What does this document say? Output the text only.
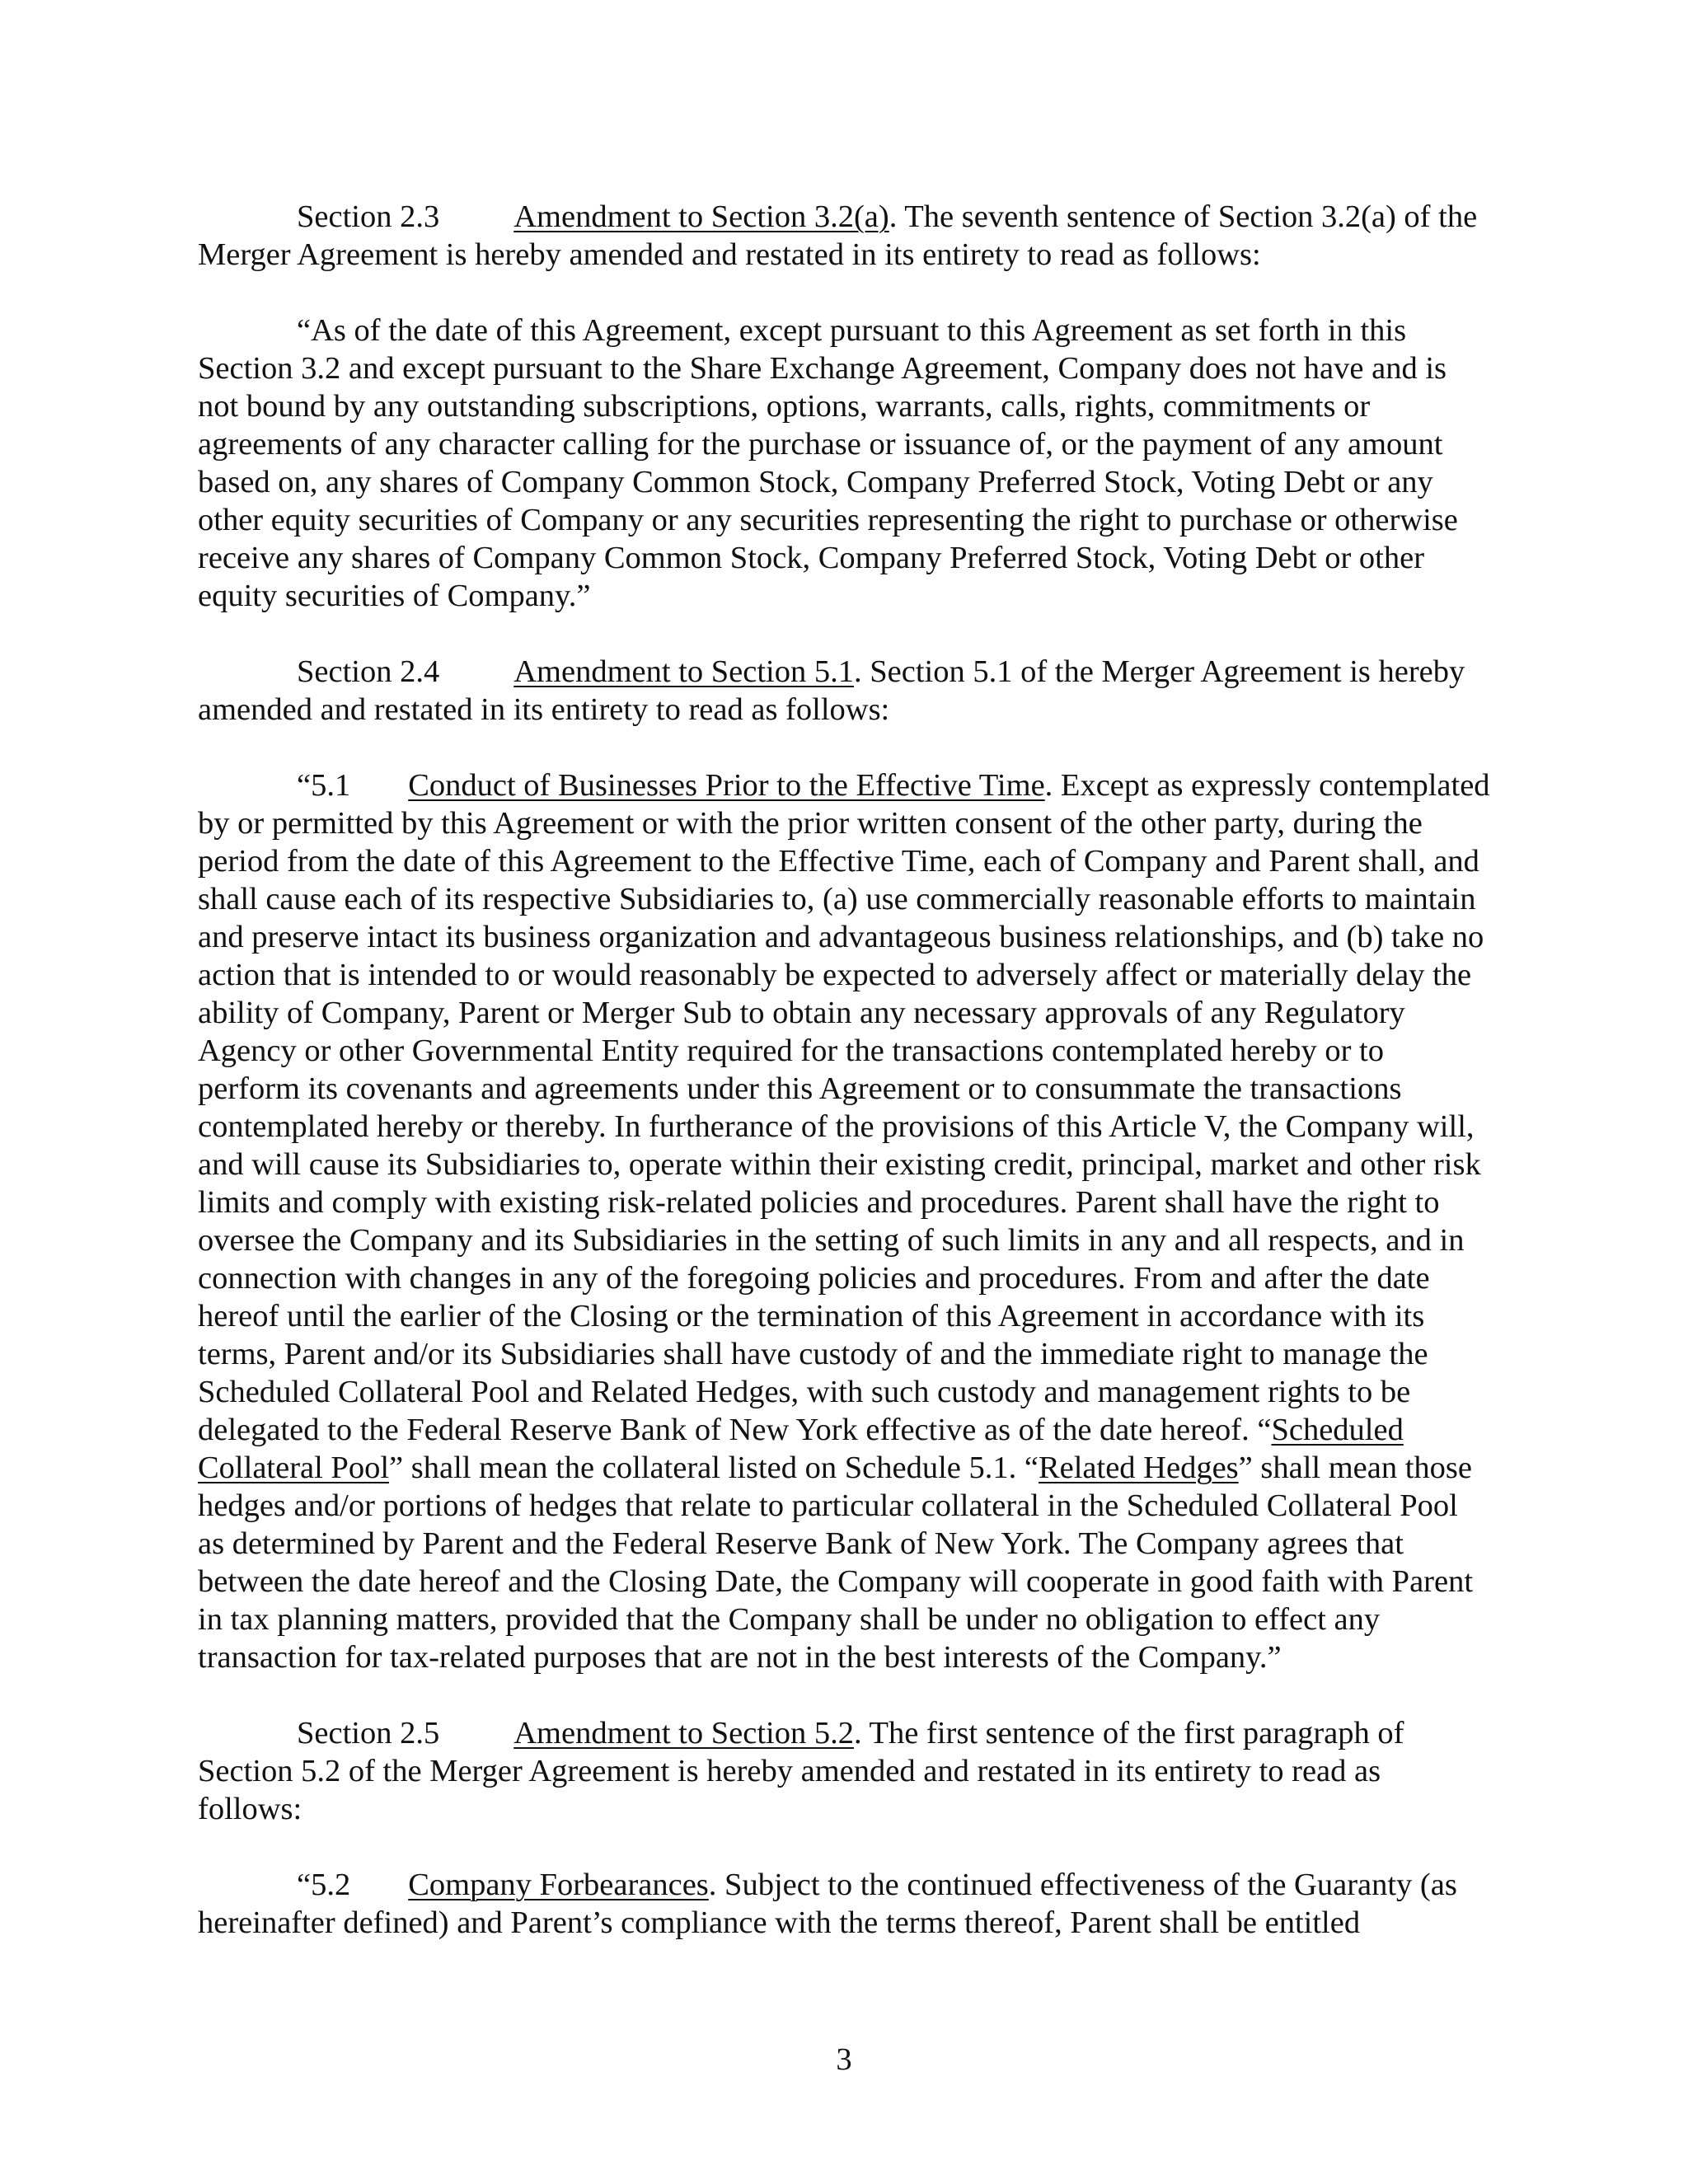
Section 2.3 Amendment to Section 3.2(a). The seventh sentence of Section 3.2(a) of the Merger Agreement is hereby amended and restated in its entirety to read as follows:

“As of the date of this Agreement, except pursuant to this Agreement as set forth in this Section 3.2 and except pursuant to the Share Exchange Agreement, Company does not have and is not bound by any outstanding subscriptions, options, warrants, calls, rights, commitments or agreements of any character calling for the purchase or issuance of, or the payment of any amount based on, any shares of Company Common Stock, Company Preferred Stock, Voting Debt or any other equity securities of Company or any securities representing the right to purchase or otherwise receive any shares of Company Common Stock, Company Preferred Stock, Voting Debt or other equity securities of Company.”

Section 2.4 Amendment to Section 5.1. Section 5.1 of the Merger Agreement is hereby amended and restated in its entirety to read as follows:

“5.1 Conduct of Businesses Prior to the Effective Time. Except as expressly contemplated by or permitted by this Agreement or with the prior written consent of the other party, during the period from the date of this Agreement to the Effective Time, each of Company and Parent shall, and shall cause each of its respective Subsidiaries to, (a) use commercially reasonable efforts to maintain and preserve intact its business organization and advantageous business relationships, and (b) take no action that is intended to or would reasonably be expected to adversely affect or materially delay the ability of Company, Parent or Merger Sub to obtain any necessary approvals of any Regulatory Agency or other Governmental Entity required for the transactions contemplated hereby or to perform its covenants and agreements under this Agreement or to consummate the transactions contemplated hereby or thereby. In furtherance of the provisions of this Article V, the Company will, and will cause its Subsidiaries to, operate within their existing credit, principal, market and other risk limits and comply with existing risk-related policies and procedures. Parent shall have the right to oversee the Company and its Subsidiaries in the setting of such limits in any and all respects, and in connection with changes in any of the foregoing policies and procedures. From and after the date hereof until the earlier of the Closing or the termination of this Agreement in accordance with its terms, Parent and/or its Subsidiaries shall have custody of and the immediate right to manage the Scheduled Collateral Pool and Related Hedges, with such custody and management rights to be delegated to the Federal Reserve Bank of New York effective as of the date hereof. “Scheduled Collateral Pool” shall mean the collateral listed on Schedule 5.1. “Related Hedges” shall mean those hedges and/or portions of hedges that relate to particular collateral in the Scheduled Collateral Pool as determined by Parent and the Federal Reserve Bank of New York. The Company agrees that between the date hereof and the Closing Date, the Company will cooperate in good faith with Parent in tax planning matters, provided that the Company shall be under no obligation to effect any transaction for tax-related purposes that are not in the best interests of the Company.”

Section 2.5 Amendment to Section 5.2. The first sentence of the first paragraph of Section 5.2 of the Merger Agreement is hereby amended and restated in its entirety to read as follows:

“5.2 Company Forbearances. Subject to the continued effectiveness of the Guaranty (as hereinafter defined) and Parent’s compliance with the terms thereof, Parent shall be entitled

3
